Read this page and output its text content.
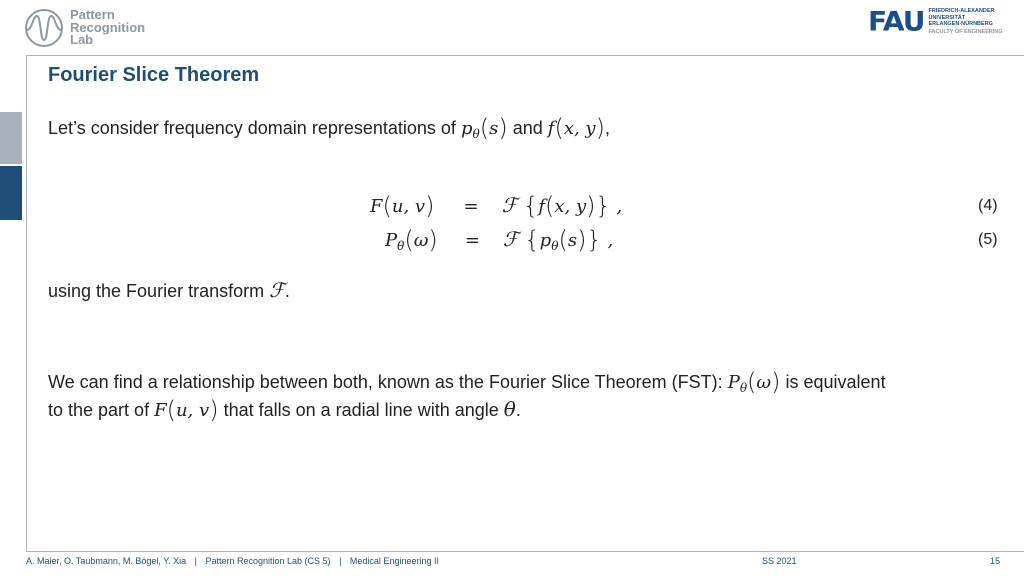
Pattern
Recognition
Lab
FAU FRIEDRICH-ALEXANDER
UNIVERSITÄT
ERLANGEN-NÜRNBERG
FACULTY OF ENGINEERING
Fourier Slice Theorem
Let’s consider frequency domain representations of $p_\theta(s)$ and f(x, y),
F(u, v) = ℱ {f(x, y)} ,	(4)
$P_\theta(\omega)$ = ℱ $\{p_\theta(s)\}$ ,	(5)
using the Fourier transform ℱ.
We can find a relationship between both, known as the Fourier Slice Theorem (FST): $P_\theta(\omega)$ is equivalent
to the part of F(u, v) that falls on a radial line with angle θ.
A. Maier, O. Taubmann, M. Bögel, Y. Xia | Pattern Recognition Lab (CS 5) | Medical Engineering II	SS 2021	15
